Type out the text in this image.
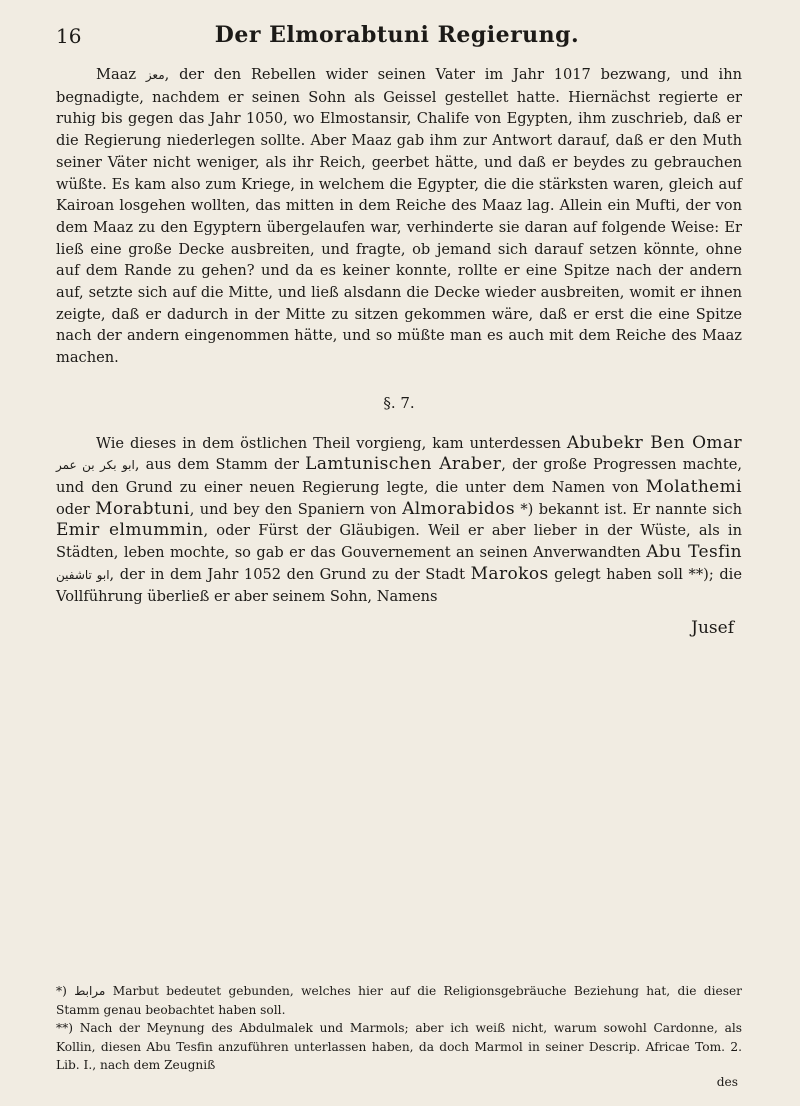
16	Der Elmorabtuni Regierung.

Maaz معز, der den Rebellen wider seinen Vater im Jahr 1017 bezwang, und ihn begnadigte, nachdem er seinen Sohn als Geissel gestellet hatte. Hiernächst regierte er ruhig bis gegen das Jahr 1050, wo Elmostansir, Chalife von Egypten, ihm zuschrieb, daß er die Regierung niederlegen sollte. Aber Maaz gab ihm zur Antwort darauf, daß er den Muth seiner Väter nicht weniger, als ihr Reich, geerbet hätte, und daß er beydes zu gebrauchen wüßte. Es kam also zum Kriege, in welchem die Egypter, die die stärksten waren, gleich auf Kairoan losgehen wollten, das mitten in dem Reiche des Maaz lag. Allein ein Mufti, der von dem Maaz zu den Egyptern übergelaufen war, verhinderte sie daran auf folgende Weise: Er ließ eine große Decke ausbreiten, und fragte, ob jemand sich darauf setzen könnte, ohne auf dem Rande zu gehen? und da es keiner konnte, rollte er eine Spitze nach der andern auf, setzte sich auf die Mitte, und ließ alsdann die Decke wieder ausbreiten, womit er ihnen zeigte, daß er dadurch in der Mitte zu sitzen gekommen wäre, daß er erst die eine Spitze nach der andern eingenommen hätte, und so müßte man es auch mit dem Reiche des Maaz machen.

§. 7.

Wie dieses in dem östlichen Theil vorgieng, kam unterdessen Abubekr Ben Omar ابو بكر بن عمر, aus dem Stamm der Lamtunischen Araber, der große Progressen machte, und den Grund zu einer neuen Regierung legte, die unter dem Namen von Molathemi oder Morabtuni, und bey den Spaniern von Almorabidos *) bekannt ist. Er nannte sich Emir elmummin, oder Fürst der Gläubigen. Weil er aber lieber in der Wüste, als in Städten, leben mochte, so gab er das Gouvernement an seinen Anverwandten Abu Tesfin ابو تاشفين, der in dem Jahr 1052 den Grund zu der Stadt Marokos gelegt haben soll **); die Vollführung überließ er aber seinem Sohn, Namens

Jusef

*) مرابط Marbut bedeutet gebunden, welches hier auf die Religionsgebräuche Beziehung hat, die dieser Stamm genau beobachtet haben soll.

**) Nach der Meynung des Abdulmalek und Marmols; aber ich weiß nicht, warum sowohl Cardonne, als Kollin, diesen Abu Tesfin anzuführen unterlassen haben, da doch Marmol in seiner Descrip. Africae Tom. 2. Lib. I., nach dem Zeugniß

des
